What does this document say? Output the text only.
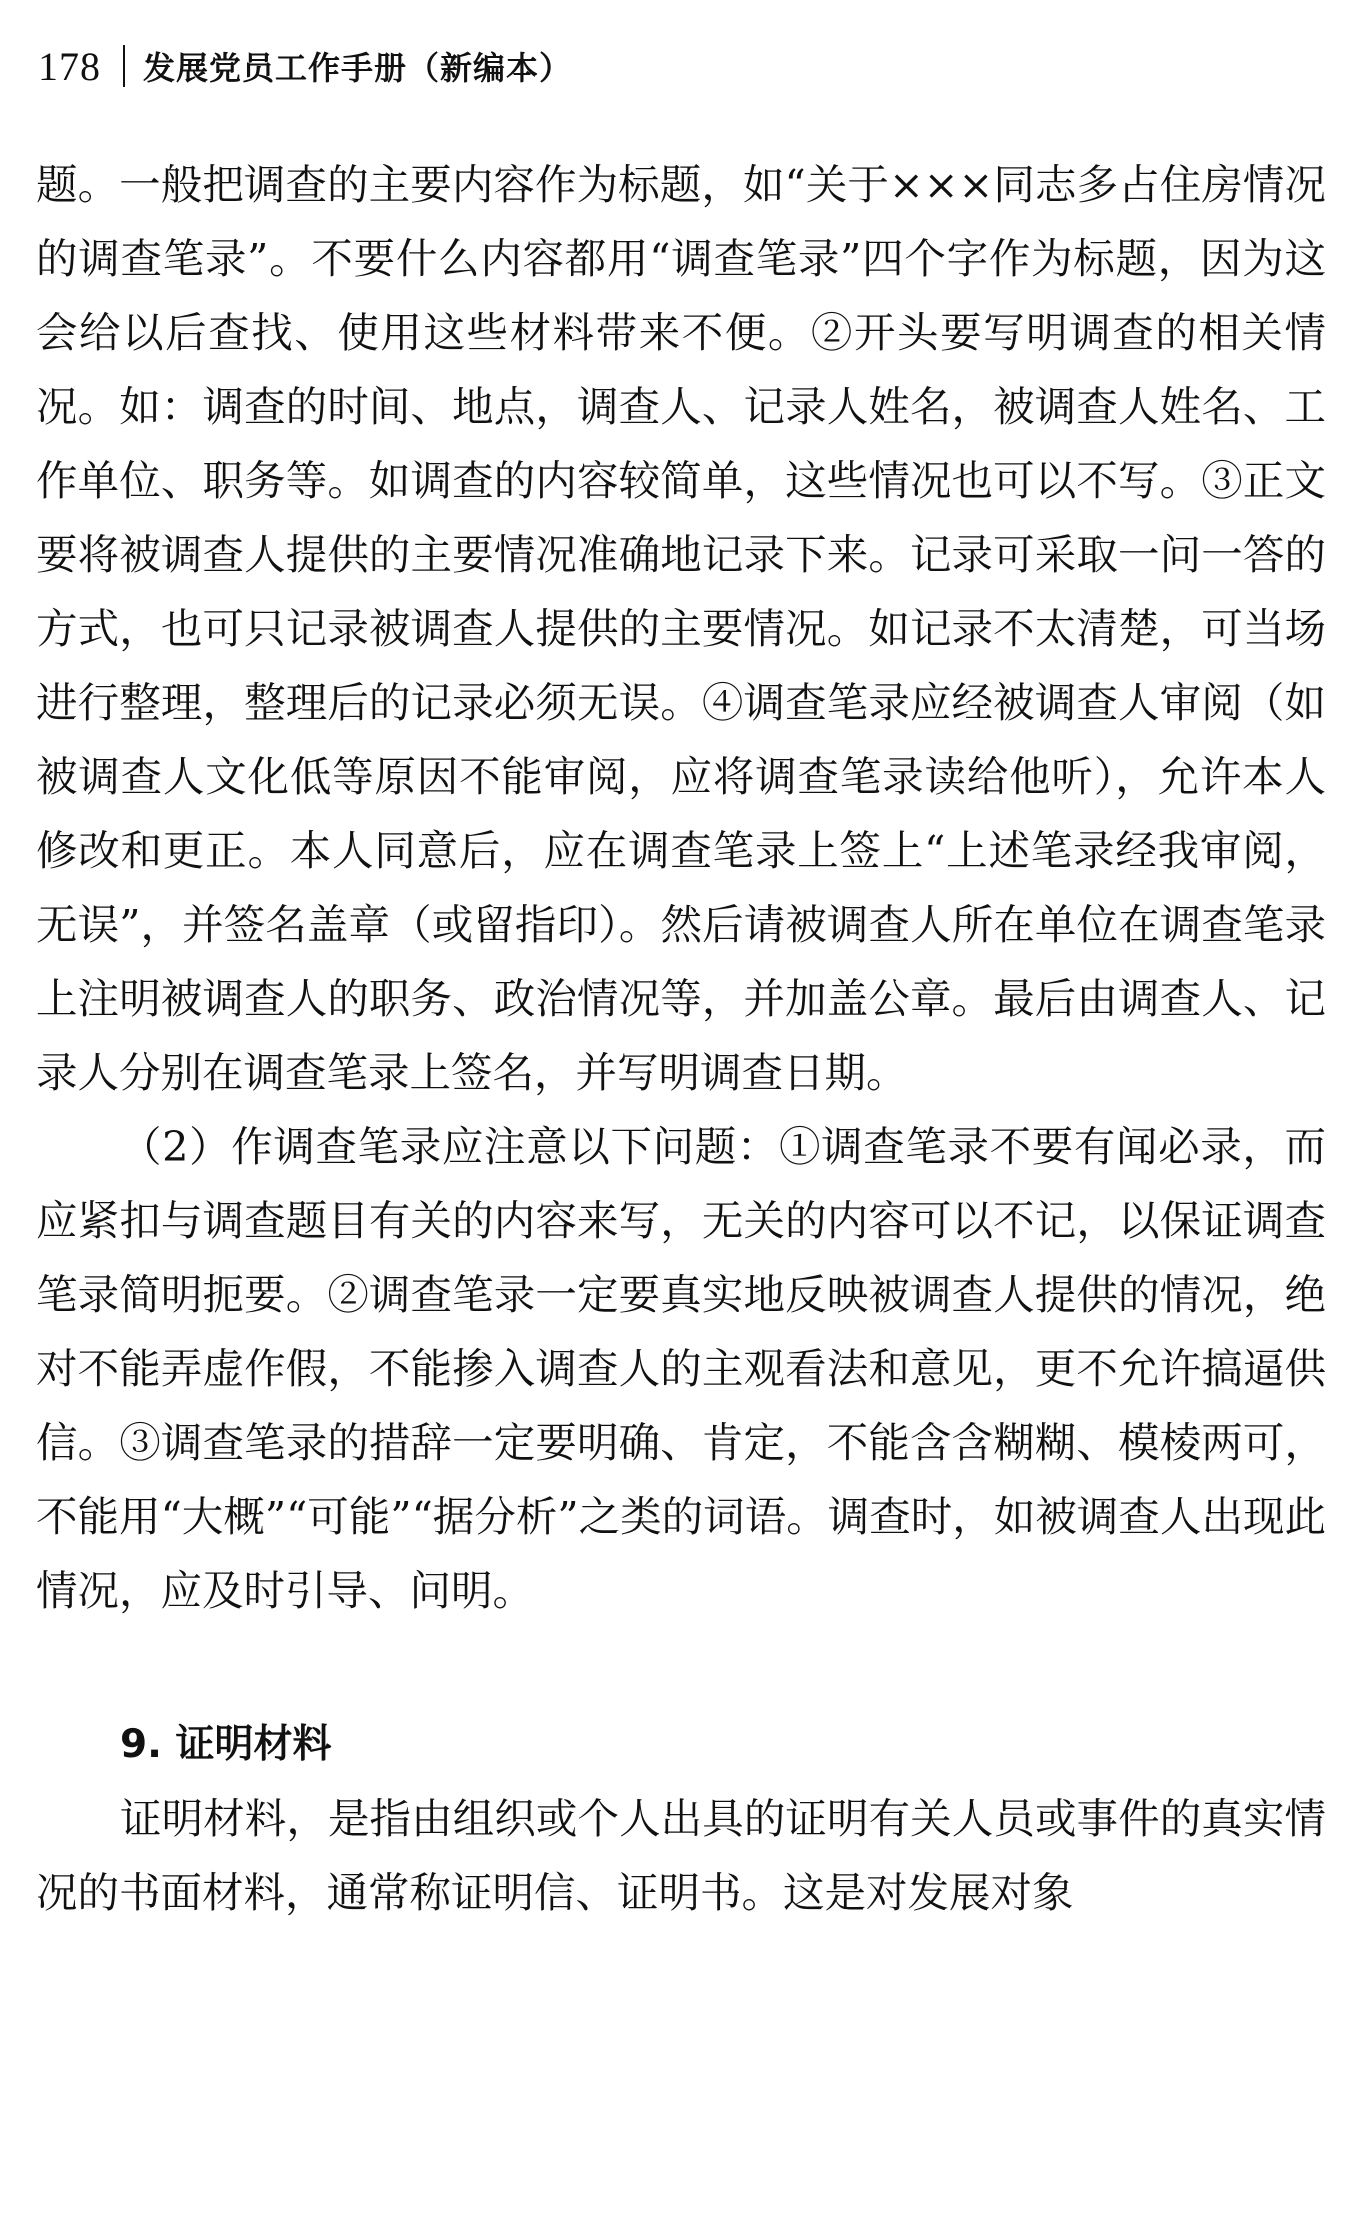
178 发展党员工作手册（新编本）

题。一般把调查的主要内容作为标题，如“关于×××同志多占住房情况的调查笔录”。不要什么内容都用“调查笔录”四个字作为标题，因为这会给以后查找、使用这些材料带来不便。②开头要写明调查的相关情况。如：调查的时间、地点，调查人、记录人姓名，被调查人姓名、工作单位、职务等。如调查的内容较简单，这些情况也可以不写。③正文要将被调查人提供的主要情况准确地记录下来。记录可采取一问一答的方式，也可只记录被调查人提供的主要情况。如记录不太清楚，可当场进行整理，整理后的记录必须无误。④调查笔录应经被调查人审阅（如被调查人文化低等原因不能审阅，应将调查笔录读给他听），允许本人修改和更正。本人同意后，应在调查笔录上签上“上述笔录经我审阅，无误”，并签名盖章（或留指印）。然后请被调查人所在单位在调查笔录上注明被调查人的职务、政治情况等，并加盖公章。最后由调查人、记录人分别在调查笔录上签名，并写明调查日期。

（2）作调查笔录应注意以下问题：①调查笔录不要有闻必录，而应紧扣与调查题目有关的内容来写，无关的内容可以不记，以保证调查笔录简明扼要。②调查笔录一定要真实地反映被调查人提供的情况，绝对不能弄虚作假，不能掺入调查人的主观看法和意见，更不允许搞逼供信。③调查笔录的措辞一定要明确、肯定，不能含含糊糊、模棱两可，不能用“大概”“可能”“据分析”之类的词语。调查时，如被调查人出现此情况，应及时引导、问明。

9. 证明材料

证明材料，是指由组织或个人出具的证明有关人员或事件的真实情况的书面材料，通常称证明信、证明书。这是对发展对象
